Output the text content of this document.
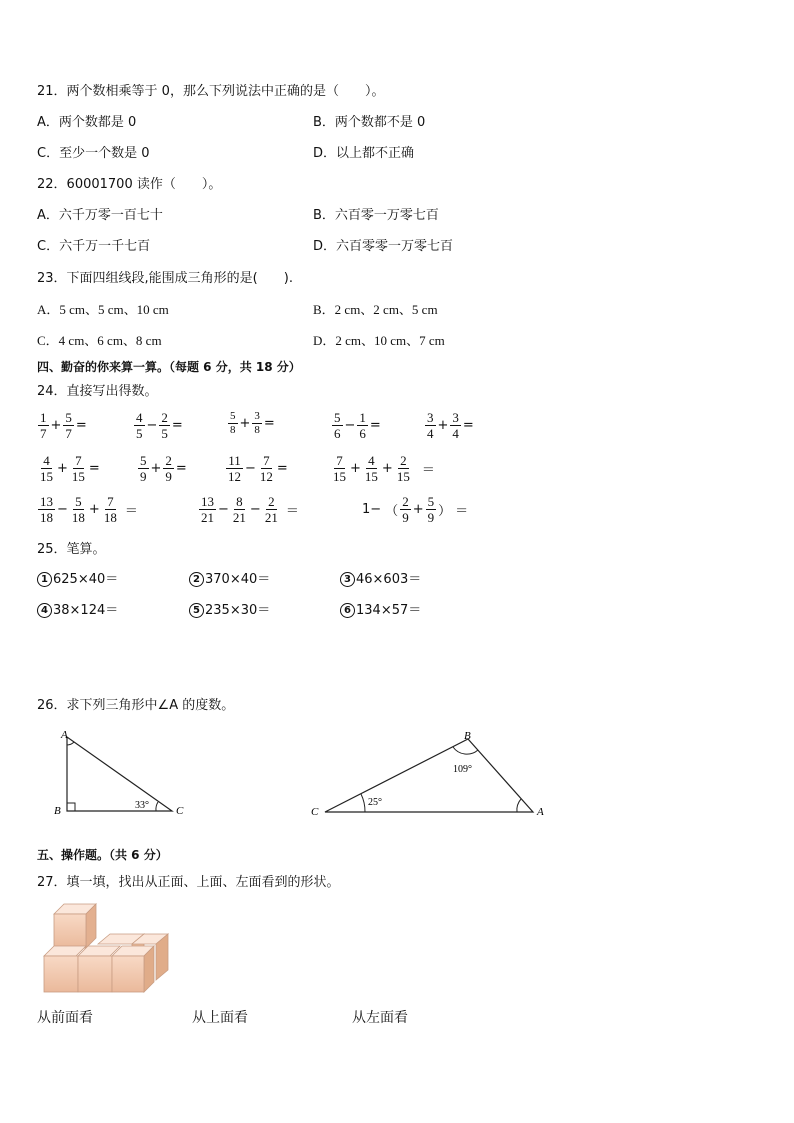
21．两个数相乘等于 0，那么下列说法中正确的是（　　）。
A．两个数都是 0	B．两个数都不是 0
C．至少一个数是 0	D．以上都不正确
22．60001700 读作（　　）。
A．六千万零一百七十	B．六百零一万零七百
C．六千万一千七百	D．六百零零一万零七百
23．下面四组线段,能围成三角形的是(　　).
A．5 cm、5 cm、10 cm	B．2 cm、2 cm、5 cm
C．4 cm、6 cm、8 cm	D．2 cm、10 cm、7 cm
四、勤奋的你来算一算。（每题 6 分，共 18 分）
24．直接写出得数。
$\frac{1}{7} + \frac{5}{7}$ =	$\frac{4}{5} - \frac{2}{5}$ =	$\frac{5}{8} + \frac{3}{8}$ =	$\frac{5}{6} - \frac{1}{6}$ =	$\frac{3}{4} + \frac{3}{4}$ =
$\frac{4}{15} + \frac{7}{15}$ =	$\frac{5}{9} + \frac{2}{9}$ =	$\frac{11}{12} - \frac{7}{12}$ =	$\frac{7}{15} + \frac{4}{15} + \frac{2}{15}$ ＝
$\frac{13}{18} - \frac{5}{18} + \frac{7}{18}$ ＝	$\frac{13}{21} - \frac{8}{21} - \frac{2}{21}$ ＝	1− （ $\frac{2}{9} + \frac{5}{9}$ ） ＝
25．笔算。
1 625×40＝	2 370×40＝	3 46×603＝
4 38×124＝	5 235×30＝	6 134×57＝
26．求下列三角形中∠A 的度数。
A
B	C
33°
B
C	A
109°
25°
五、操作题。（共 6 分）
27．填一填，找出从正面、上面、左面看到的形状。
从前面看	从上面看	从左面看
